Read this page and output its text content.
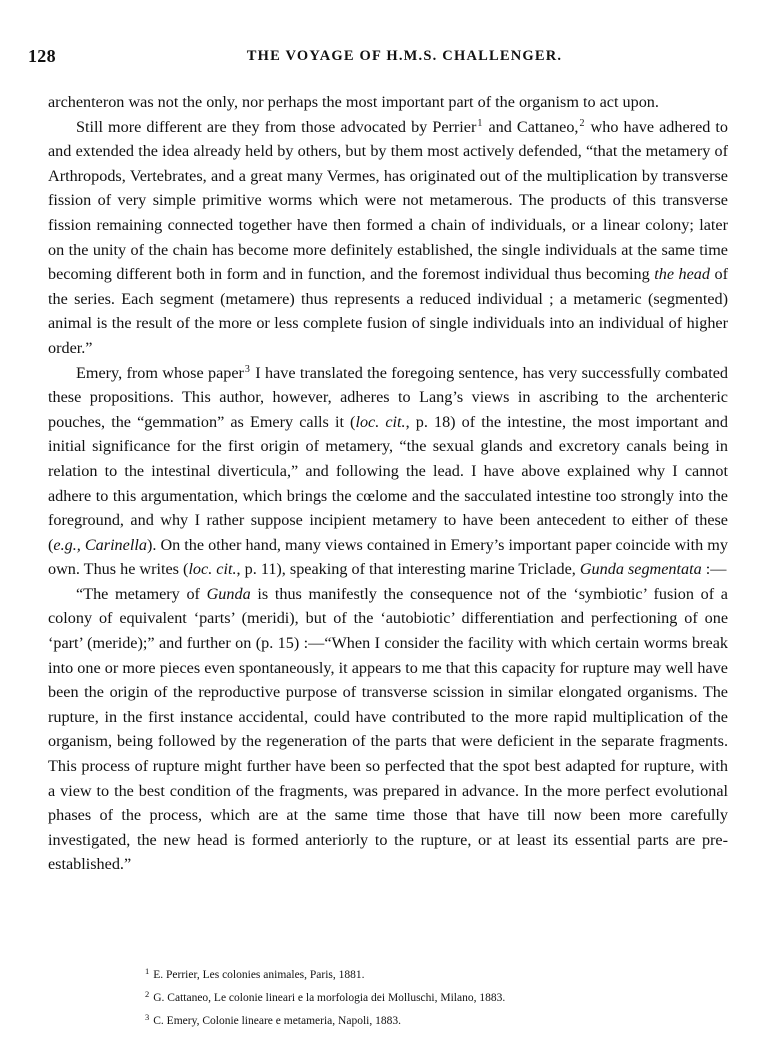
128	THE VOYAGE OF H.M.S. CHALLENGER.

archenteron was not the only, nor perhaps the most important part of the organism to act upon.

Still more different are they from those advocated by Perrier$^1$ and Cattaneo,$^2$ who have adhered to and extended the idea already held by others, but by them most actively defended, “that the metamery of Arthropods, Vertebrates, and a great many Vermes, has originated out of the multiplication by transverse fission of very simple primitive worms which were not metamerous. The products of this transverse fission remaining connected together have then formed a chain of individuals, or a linear colony; later on the unity of the chain has become more definitely established, the single individuals at the same time becoming different both in form and in function, and the foremost individual thus becoming the head of the series. Each segment (metamere) thus represents a reduced individual ; a metameric (segmented) animal is the result of the more or less complete fusion of single individuals into an individual of higher order.”

Emery, from whose paper$^3$ I have translated the foregoing sentence, has very successfully combated these propositions. This author, however, adheres to Lang’s views in ascribing to the archenteric pouches, the “gemmation” as Emery calls it (loc. cit., p. 18) of the intestine, the most important and initial significance for the first origin of metamery, “the sexual glands and excretory canals being in relation to the intestinal diverticula,” and following the lead. I have above explained why I cannot adhere to this argumentation, which brings the cœlome and the sacculated intestine too strongly into the foreground, and why I rather suppose incipient metamery to have been antecedent to either of these (e.g., Carinella). On the other hand, many views contained in Emery’s important paper coincide with my own. Thus he writes (loc. cit., p. 11), speaking of that interesting marine Triclade, Gunda segmentata :—

“The metamery of Gunda is thus manifestly the consequence not of the ‘symbiotic’ fusion of a colony of equivalent ‘parts’ (meridi), but of the ‘autobiotic’ differentiation and perfectioning of one ‘part’ (meride);” and further on (p. 15) :—“When I consider the facility with which certain worms break into one or more pieces even spontaneously, it appears to me that this capacity for rupture may well have been the origin of the reproductive purpose of transverse scission in similar elongated organisms. The rupture, in the first instance accidental, could have contributed to the more rapid multiplication of the organism, being followed by the regeneration of the parts that were deficient in the separate fragments. This process of rupture might further have been so perfected that the spot best adapted for rupture, with a view to the best condition of the fragments, was prepared in advance. In the more perfect evolutional phases of the process, which are at the same time those that have till now been more carefully investigated, the new head is formed anteriorly to the rupture, or at least its essential parts are pre-established.”

$^1$ E. Perrier, Les colonies animales, Paris, 1881.
$^2$ G. Cattaneo, Le colonie lineari e la morfologia dei Molluschi, Milano, 1883.
$^3$ C. Emery, Colonie lineare e metameria, Napoli, 1883.
